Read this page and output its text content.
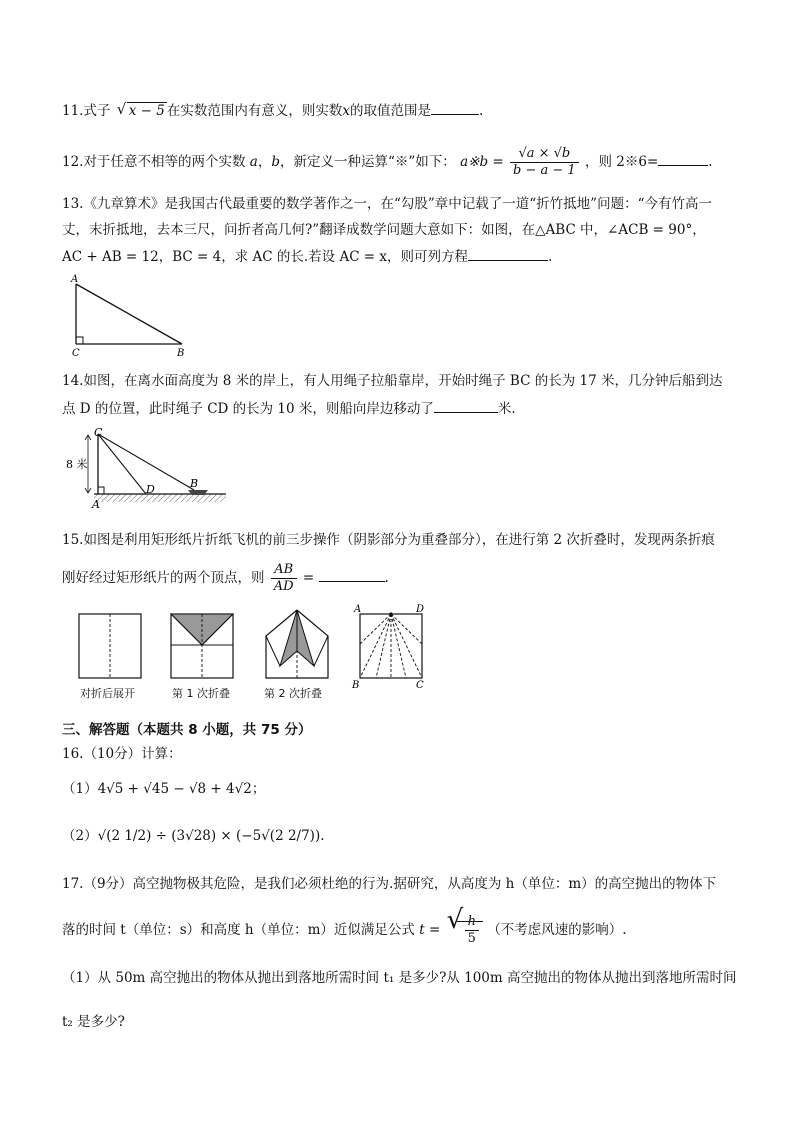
11.式子 √ x − 5 在实数范围内有意义，则实数x的取值范围是	.
12.对于任意不相等的两个实数 a，b，新定义一种运算“※”如下： a※b = $\frac{√a \times √b}{b - a - 1}$ ，则 2※6=	.
13.《九章算术》是我国古代最重要的数学著作之一，在“勾股”章中记载了一道“折竹抵地”问题：“今有竹高一
丈，末折抵地，去本三尺，问折者高几何?”翻译成数学问题大意如下：如图，在△ABC 中，∠ACB = 90°，
AC + AB = 12，BC = 4，求 AC 的长.若设 AC = x，则可列方程	.
A
C	B
14.如图，在离水面高度为 8 米的岸上，有人用绳子拉船靠岸，开始时绳子 BC 的长为 17 米，几分钟后船到达
点 D 的位置，此时绳子 CD 的长为 10 米，则船向岸边移动了	米.
C
8 米
D	B
A
15.如图是利用矩形纸片折纸飞机的前三步操作（阴影部分为重叠部分），在进行第 2 次折叠时，发现两条折痕
刚好经过矩形纸片的两个顶点，则 $\frac{AB}{AD}$ =	.
对折后展开	第 1 次折叠	第 2 次折叠
A	D
B	C
三、解答题（本题共 8 小题，共 75 分）
16.（10分）计算：
（1）4√5 + √45 − √8 + 4√2；
（2）√(2 1/2) ÷ (3√28) × (−5√(2 2/7)).
17.（9分）高空抛物极其危险，是我们必须杜绝的行为.据研究，从高度为 h（单位：m）的高空抛出的物体下
落的时间 t（单位：s）和高度 h（单位：m）近似满足公式 t = √ $\frac{h}{5}$ （不考虑风速的影响）.
（1）从 50m 高空抛出的物体从抛出到落地所需时间 t₁ 是多少?从 100m 高空抛出的物体从抛出到落地所需时间
t₂ 是多少?
